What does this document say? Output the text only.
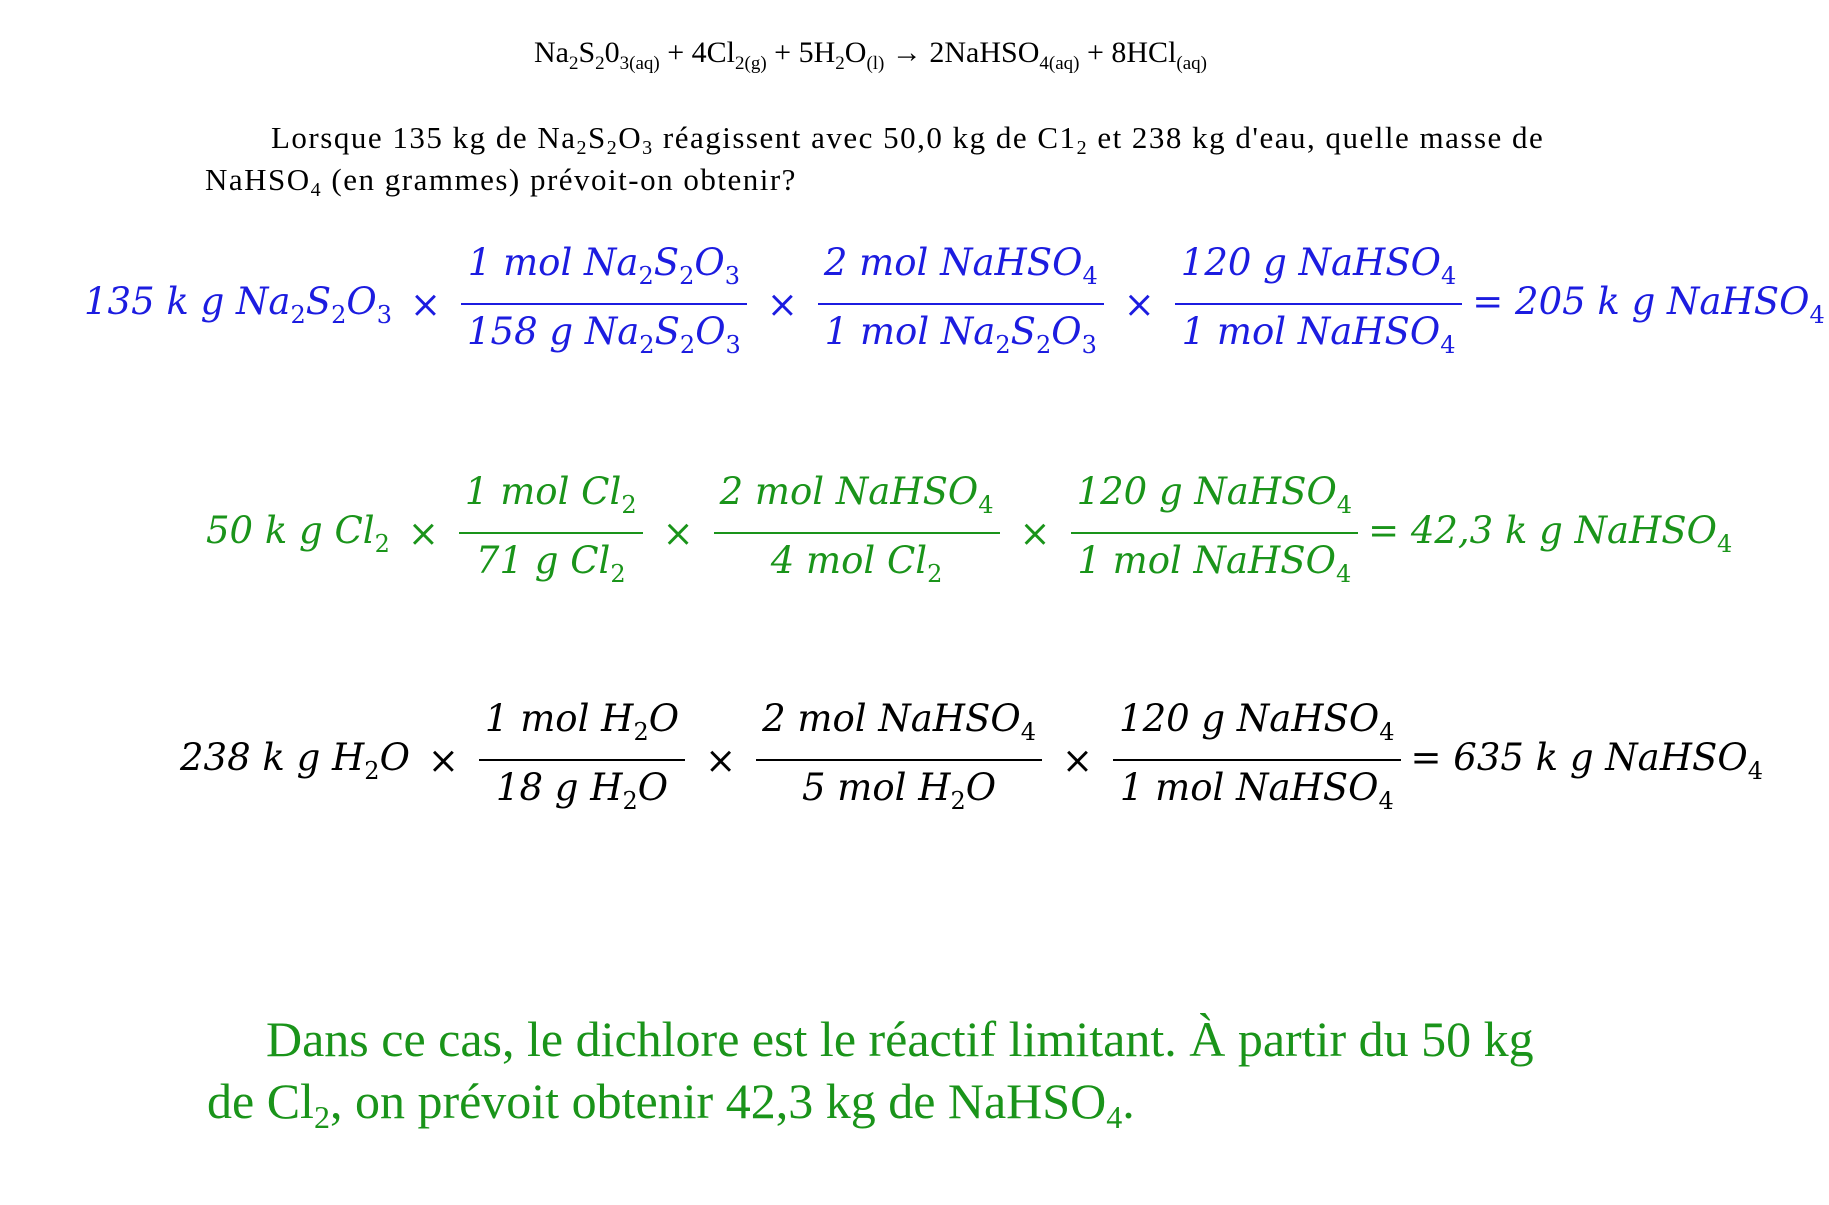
$Na_2S_20_{3(aq)} + 4Cl_{2(g)} + 5H_2O_{(l)}$ → 2NaHSO$_{4(aq)}$ + 8HCl$_{(aq)}$
Lorsque 135 kg de $Na_2S_2O_3$ réagissent avec 50,0 kg de $C1_2$ et 238 kg d'eau, quelle masse de
NaHSO$_4$ (en grammes) prévoit-on obtenir?
135 k g $Na_2S_2O_3 \times \frac{1 mol Na_2S_2O_3}{158 g Na_2S_2O_3} \times \frac{2 mol NaHSO_4}{1 mol Na_2S_2O_3} \times \frac{120 g NaHSO_4}{1 mol NaHSO_4} = 205$ k g NaHSO$_4$
50 k g $Cl_2 \times \frac{1 mol Cl_2}{71 g Cl_2} \times \frac{2 mol NaHSO_4}{4 mol Cl_2} \times \frac{120 g NaHSO_4}{1 mol NaHSO_4} = 42,3$ k g NaHSO$_4$
238 k g $H_2O \times \frac{1 mol H_2O}{18 g H_2O} \times \frac{2 mol NaHSO_4}{5 mol H_2O} \times \frac{120 g NaHSO_4}{1 mol NaHSO_4} = 635$ k g NaHSO$_4$
Dans ce cas, le dichlore est le réactif limitant. À partir du 50 kg
de $Cl_2$, on prévoit obtenir 42,3 kg de NaHSO$_4$.
